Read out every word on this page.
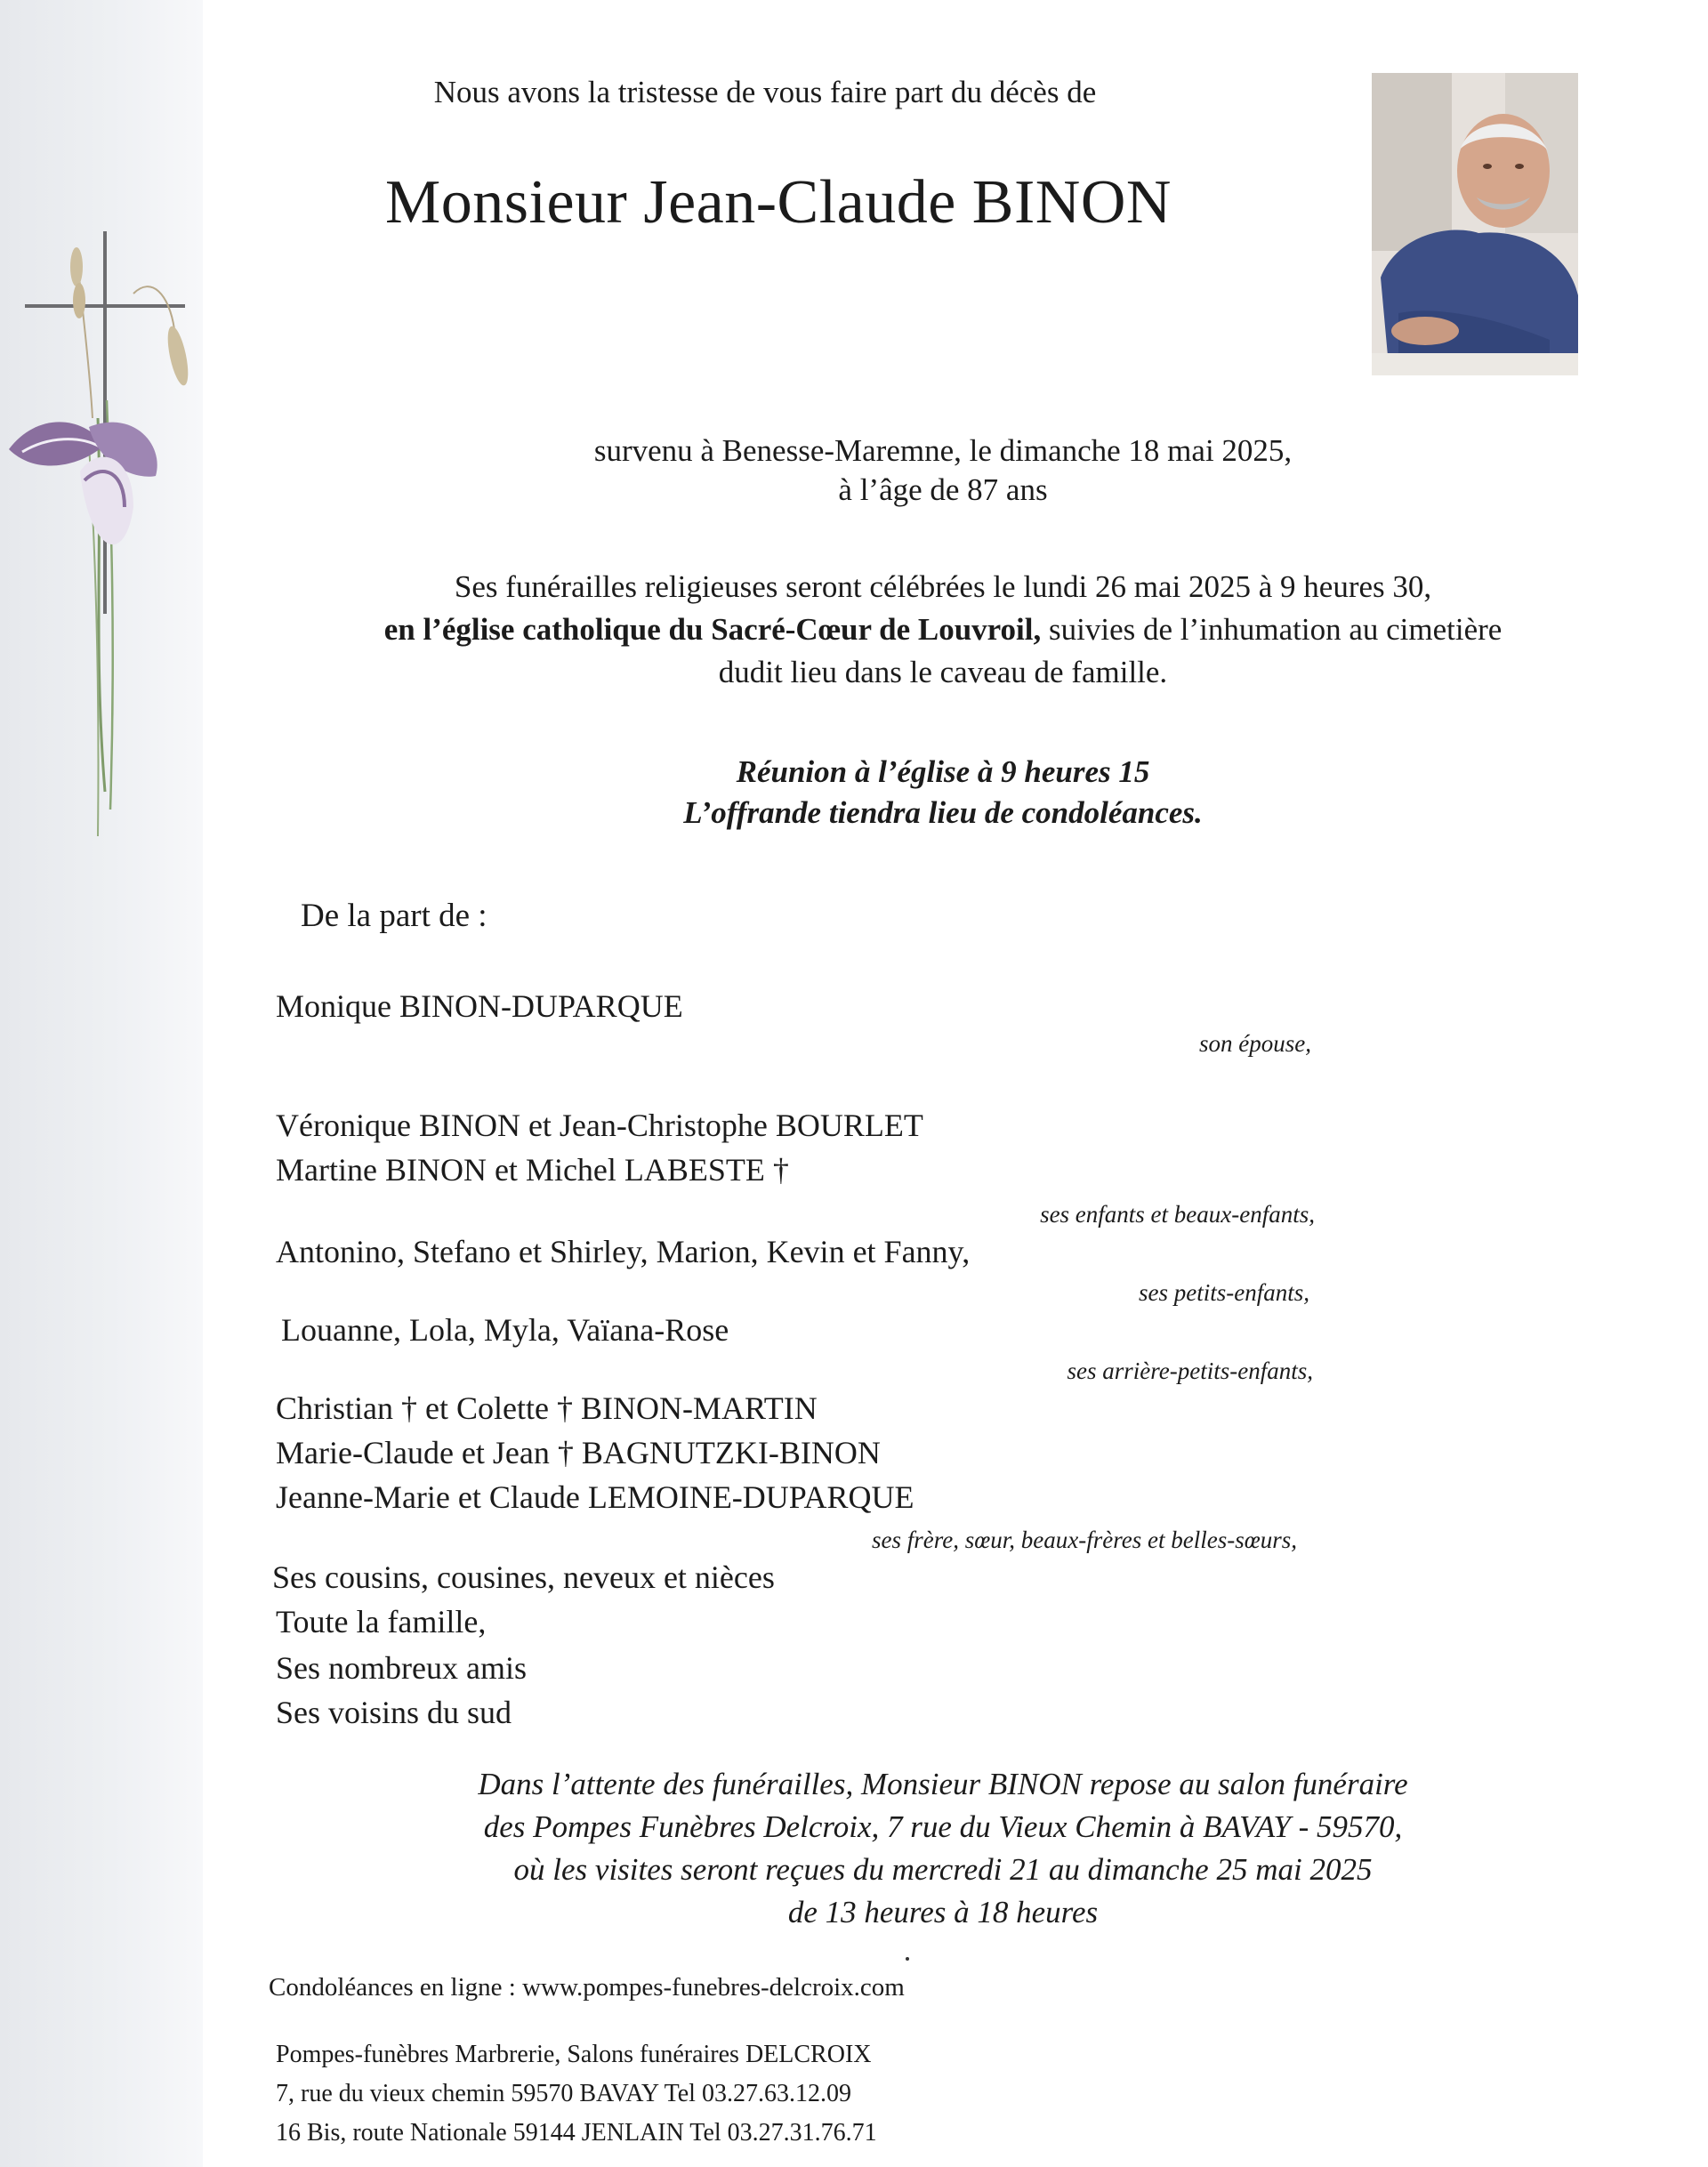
Nous avons la tristesse de vous faire part du décès de
Monsieur Jean-Claude BINON
survenu à Benesse-Maremne, le dimanche 18 mai 2025,
à l’âge de 87 ans
Ses funérailles religieuses seront célébrées le lundi 26 mai 2025 à 9 heures 30,
en l’église catholique du Sacré-Cœur de Louvroil, suivies de l’inhumation au cimetière
dudit lieu dans le caveau de famille.
Réunion à l’église à 9 heures 15
L’offrande tiendra lieu de condoléances.
De la part de :
Monique BINON-DUPARQUE
son épouse,
Véronique BINON et Jean-Christophe BOURLET
Martine BINON et Michel LABESTE †
ses enfants et beaux-enfants,
Antonino, Stefano et Shirley, Marion, Kevin et Fanny,
ses petits-enfants,
Louanne, Lola, Myla, Vaïana-Rose
ses arrière-petits-enfants,
Christian † et Colette † BINON-MARTIN
Marie-Claude et Jean † BAGNUTZKI-BINON
Jeanne-Marie et Claude LEMOINE-DUPARQUE
ses frère, sœur, beaux-frères et belles-sœurs,
Ses cousins, cousines, neveux et nièces
Toute la famille,
Ses nombreux amis
Ses voisins du sud
Dans l’attente des funérailles, Monsieur BINON repose au salon funéraire
des Pompes Funèbres Delcroix, 7 rue du Vieux Chemin à BAVAY - 59570,
où les visites seront reçues du mercredi 21 au dimanche 25 mai 2025
de 13 heures à 18 heures
Condoléances en ligne : www.pompes-funebres-delcroix.com
Pompes-funèbres Marbrerie, Salons funéraires DELCROIX
7, rue du vieux chemin 59570 BAVAY Tel 03.27.63.12.09
16 Bis, route Nationale 59144 JENLAIN Tel 03.27.31.76.71
